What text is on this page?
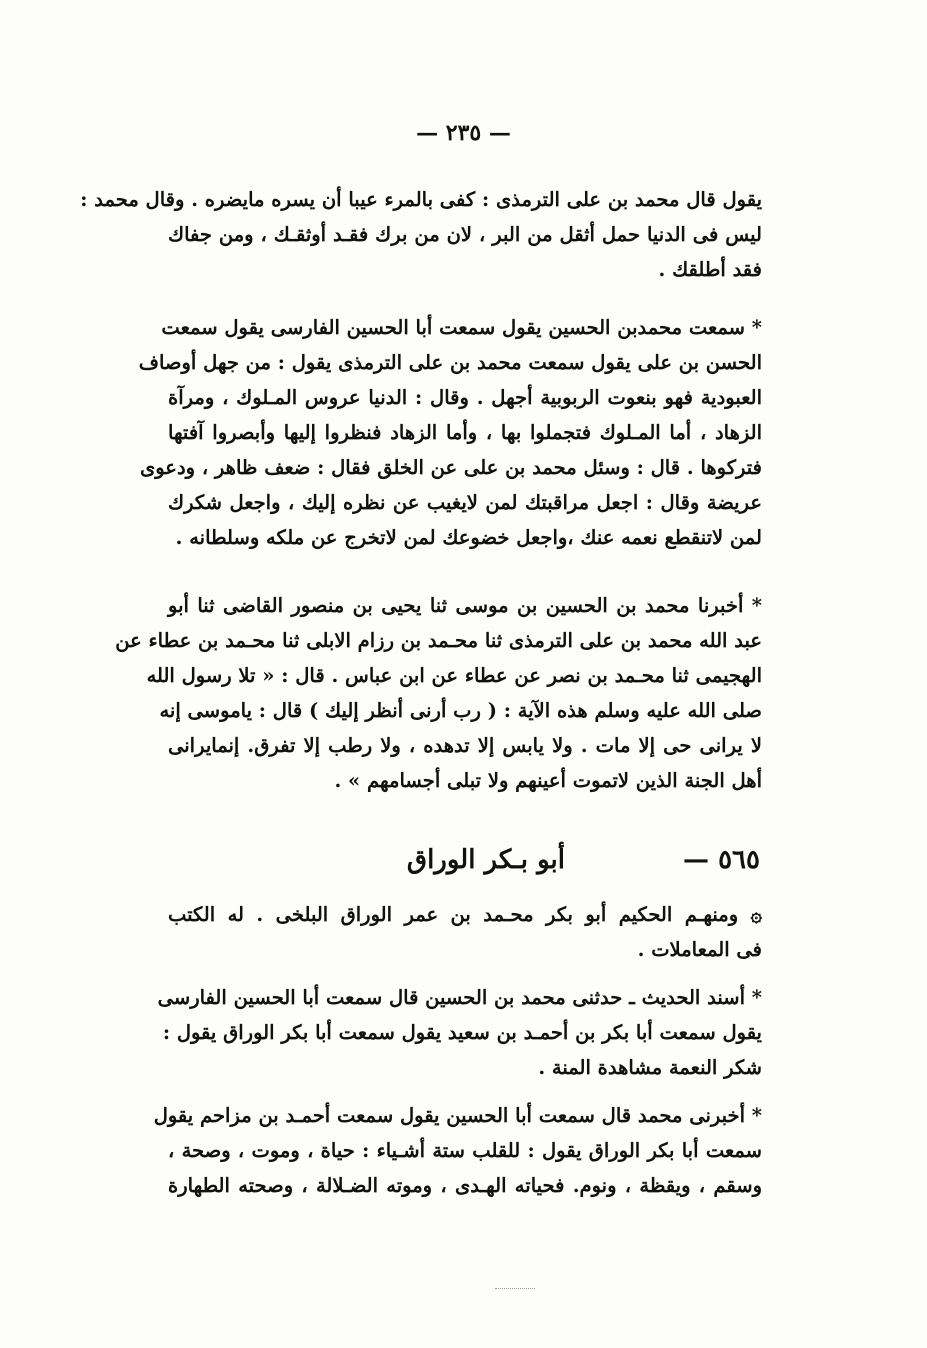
— ٢٣٥ —
يقول قال محمد بن على الترمذى : كفى بالمرء عيبا أن يسره مايضره . وقال محمد :
ليس فى الدنيا حمل أثقل من البر ، لان من برك فقـد أوثقـك ، ومن جفاك
فقد أطلقك .
* سمعت محمدبن الحسين يقول سمعت أبا الحسين الفارسى يقول سمعت
الحسن بن على يقول سمعت محمد بن على الترمذى يقول : من جهل أوصاف
العبودية فهو بنعوت الربوبية أجهل . وقال : الدنيا عروس المـلوك ، ومرآة
الزهاد ، أما المـلوك فتجملوا بها ، وأما الزهاد فنظروا إليها وأبصروا آفتها
فتركوها . قال : وسئل محمد بن على عن الخلق فقال : ضعف ظاهر ، ودعوى
عريضة وقال : اجعل مراقبتك لمن لايغيب عن نظره إليك ، واجعل شكرك
لمن لاتنقطع نعمه عنك ،واجعل خضوعك لمن لاتخرج عن ملكه وسلطانه .
* أخبرنا محمد بن الحسين بن موسى ثنا يحيى بن منصور القاضى ثنا أبو
عبد الله محمد بن على الترمذى ثنا محـمد بن رزام الابلى ثنا محـمد بن عطاء عن
الهجيمى ثنا محـمد بن نصر عن عطاء عن ابن عباس . قال : « تلا رسول الله
صلى الله عليه وسلم هذه الآية : ( رب أرنى أنظر إليك ) قال : ياموسى إنه
لا يرانى حى إلا مات . ولا يابس إلا تدهده ، ولا رطب إلا تفرق. إنمايرانى
أهل الجنة الذين لاتموت أعينهم ولا تبلى أجسامهم » .
٥٦٥ —
أبو بـكر الوراق
۞ ومنهـم الحكيم أبو بكر محـمد بن عمر الوراق البلخى . له الكتب
فى المعاملات .
* أسند الحديث ـ حدثنى محمد بن الحسين قال سمعت أبا الحسين الفارسى
يقول سمعت أبا بكر بن أحمـد بن سعيد يقول سمعت أبا بكر الوراق يقول :
شكر النعمة مشاهدة المنة .
* أخبرنى محمد قال سمعت أبا الحسين يقول سمعت أحمـد بن مزاحم يقول
سمعت أبا بكر الوراق يقول : للقلب ستة أشـياء : حياة ، وموت ، وصحة ،
وسقم ، ويقظة ، ونوم. فحياته الهـدى ، وموته الضـلالة ، وصحته الطهارة
